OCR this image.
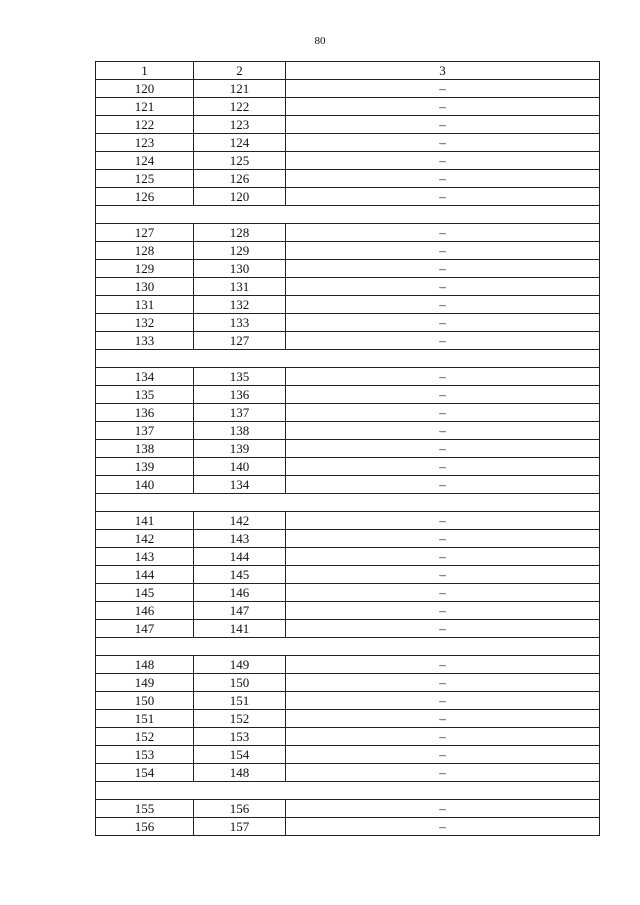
80
1	2	3
120	121	–
121	122	–
122	123	–
123	124	–
124	125	–
125	126	–
126	120	–

127	128	–
128	129	–
129	130	–
130	131	–
131	132	–
132	133	–
133	127	–

134	135	–
135	136	–
136	137	–
137	138	–
138	139	–
139	140	–
140	134	–

141	142	–
142	143	–
143	144	–
144	145	–
145	146	–
146	147	–
147	141	–

148	149	–
149	150	–
150	151	–
151	152	–
152	153	–
153	154	–
154	148	–

155	156	–
156	157	–
